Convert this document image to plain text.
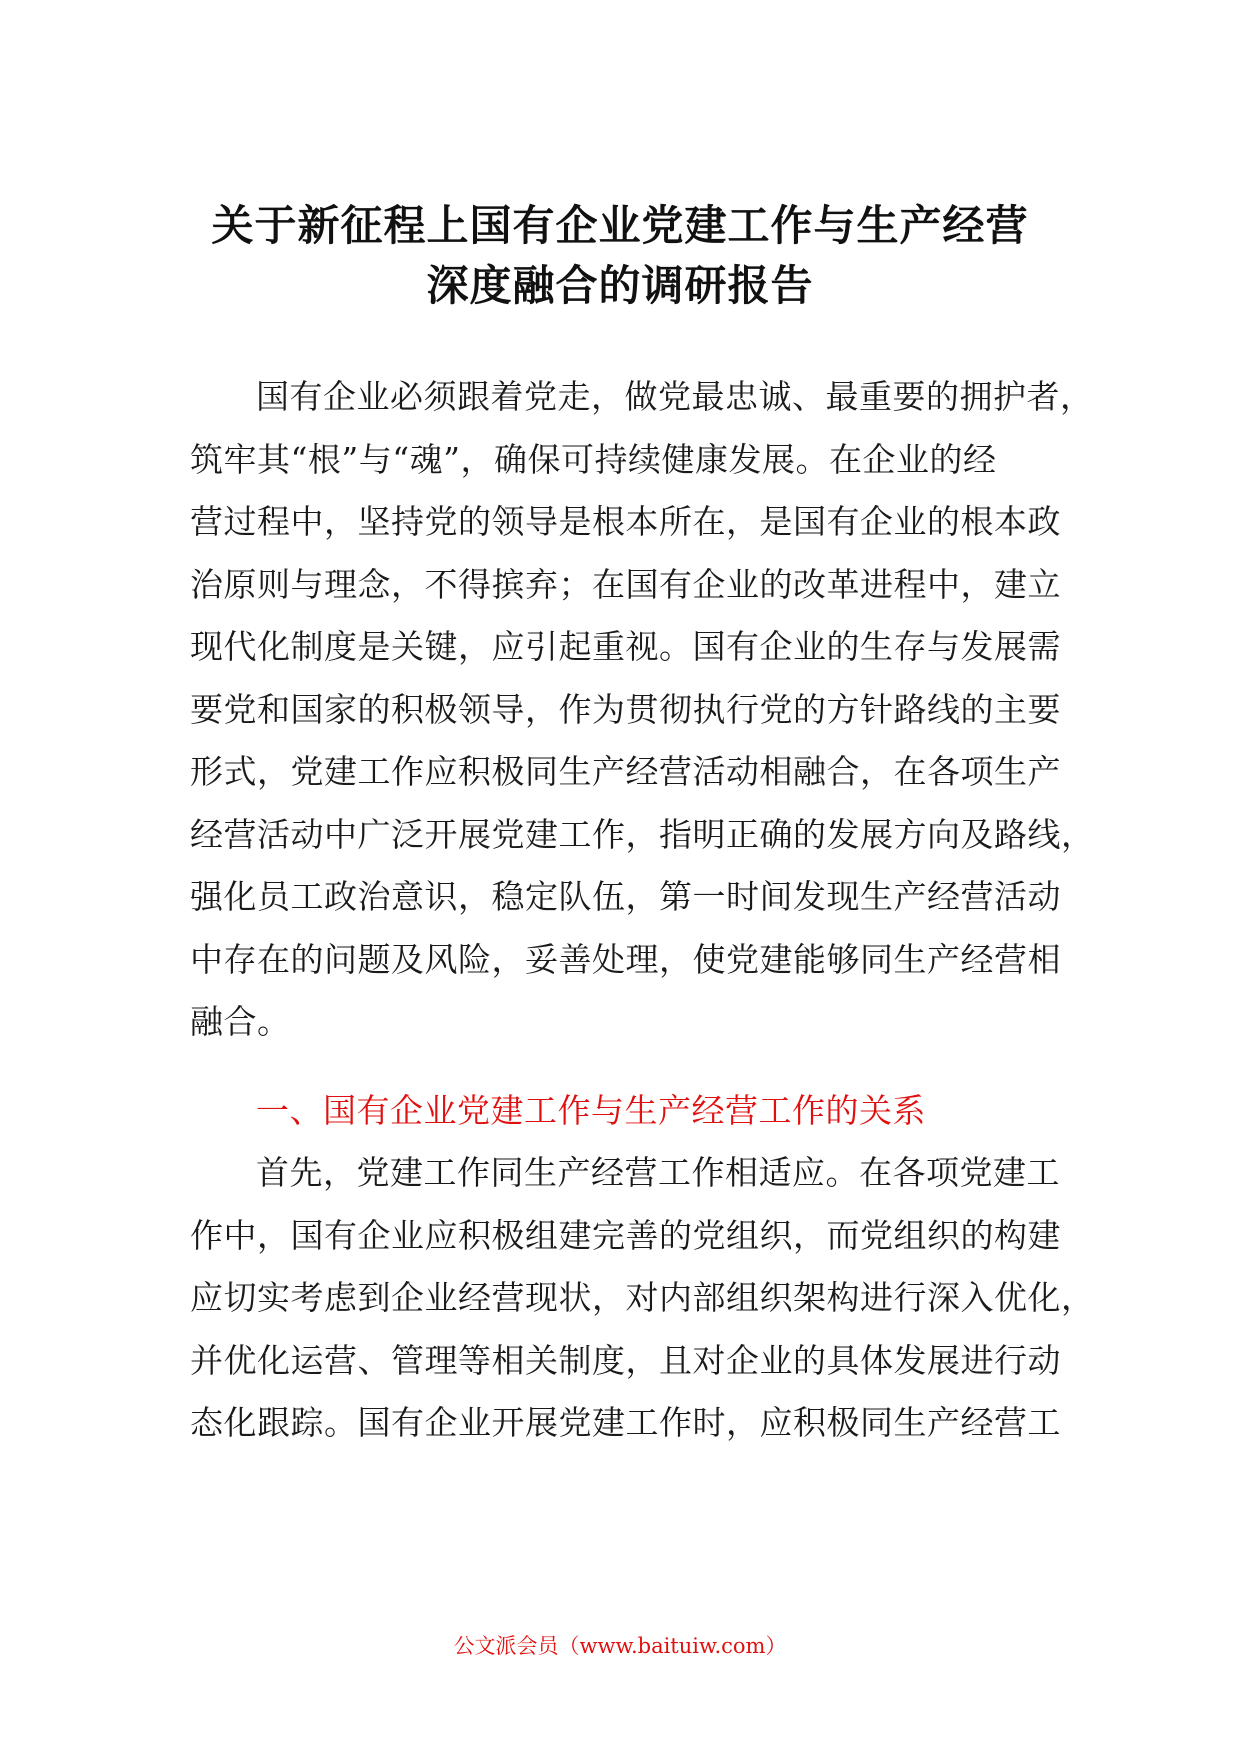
关于新征程上国有企业党建工作与生产经营
深度融合的调研报告
国有企业必须跟着党走，做党最忠诚、最重要的拥护者，
筑牢其“根”与“魂”，确保可持续健康发展。在企业的经
营过程中，坚持党的领导是根本所在，是国有企业的根本政
治原则与理念，不得摈弃；在国有企业的改革进程中，建立
现代化制度是关键，应引起重视。国有企业的生存与发展需
要党和国家的积极领导，作为贯彻执行党的方针路线的主要
形式，党建工作应积极同生产经营活动相融合，在各项生产
经营活动中广泛开展党建工作，指明正确的发展方向及路线，
强化员工政治意识，稳定队伍，第一时间发现生产经营活动
中存在的问题及风险，妥善处理，使党建能够同生产经营相
融合。
一、国有企业党建工作与生产经营工作的关系
首先，党建工作同生产经营工作相适应。在各项党建工
作中，国有企业应积极组建完善的党组织，而党组织的构建
应切实考虑到企业经营现状，对内部组织架构进行深入优化，
并优化运营、管理等相关制度，且对企业的具体发展进行动
态化跟踪。国有企业开展党建工作时，应积极同生产经营工
公文派会员（www.baituiw.com）
